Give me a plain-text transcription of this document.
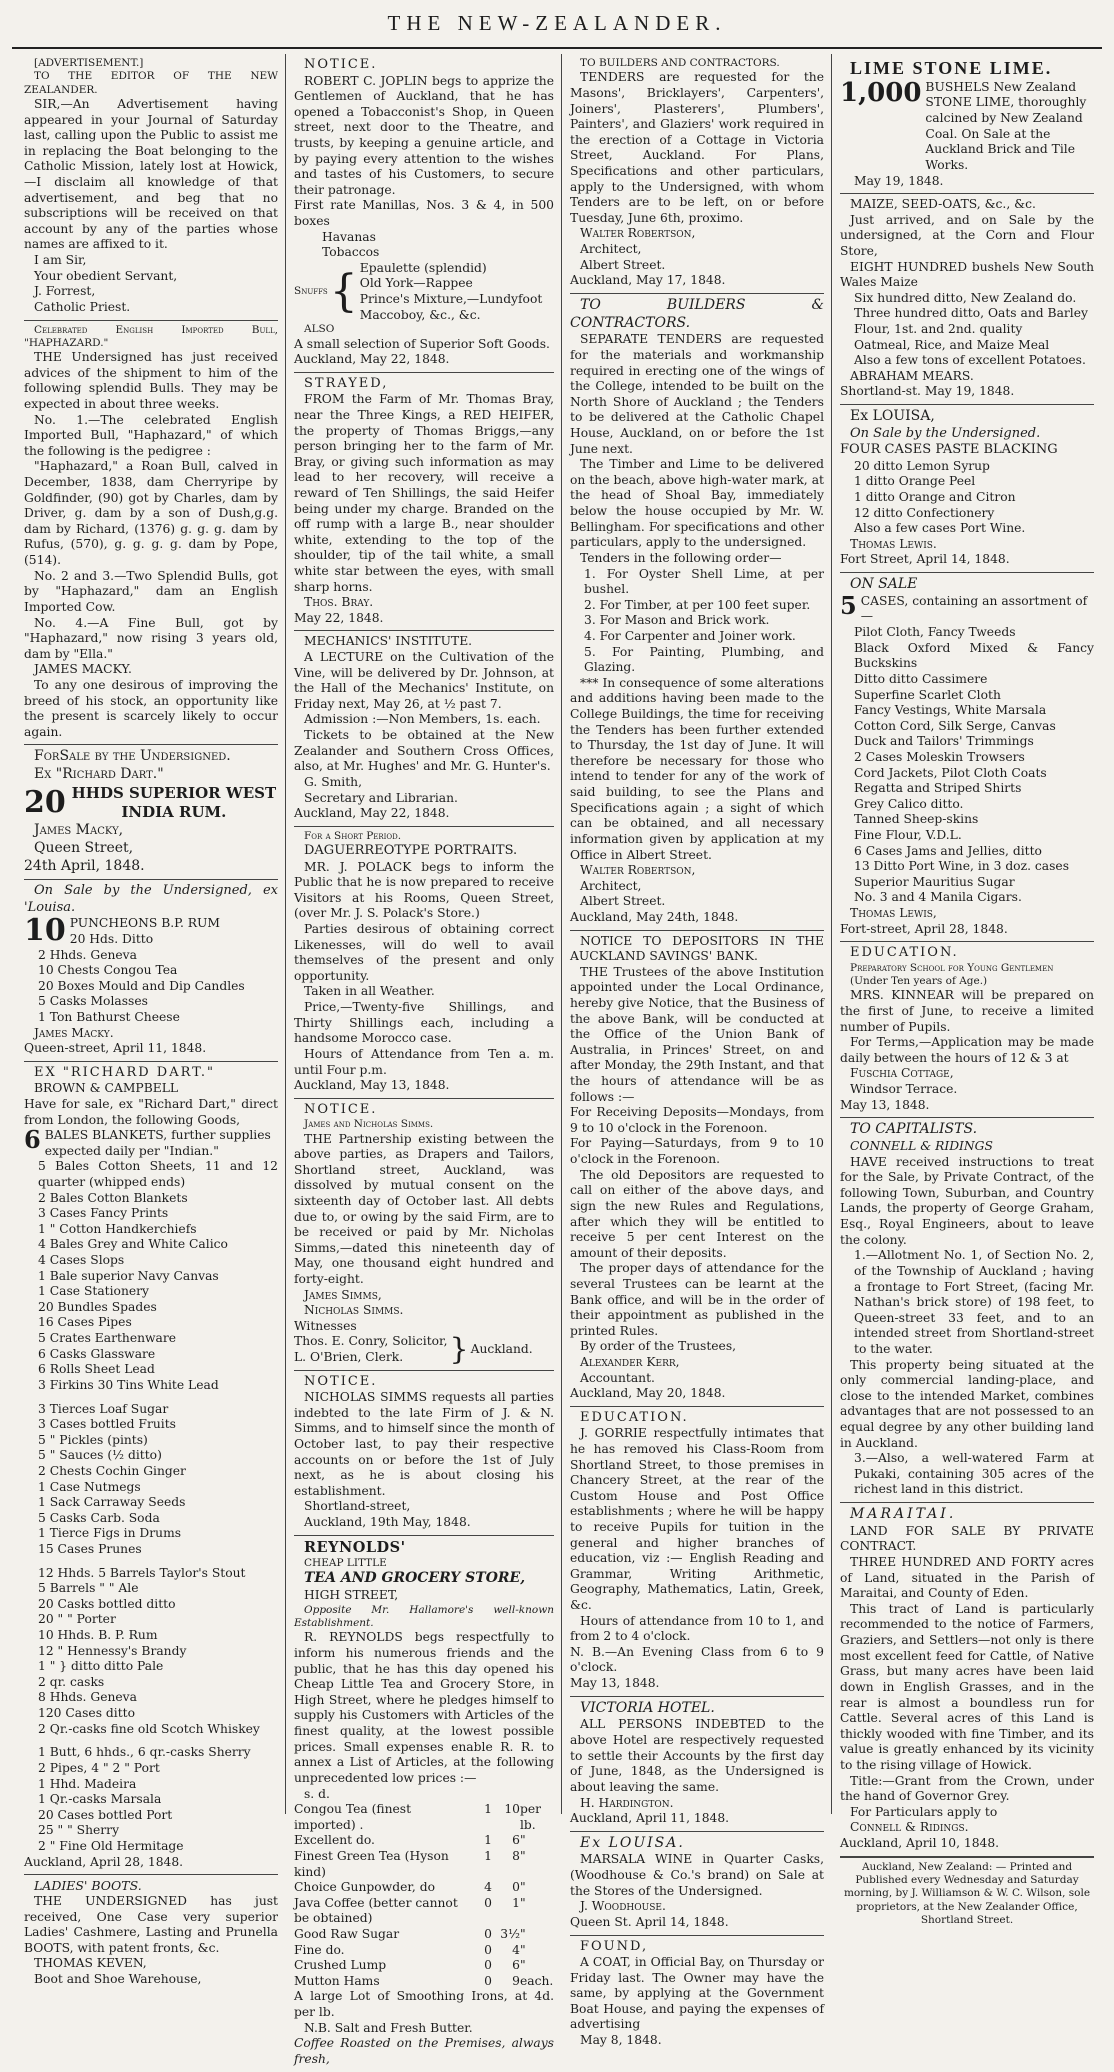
THE NEW-ZEALANDER.

[ADVERTISEMENT.]

TO THE EDITOR OF THE NEW ZEALANDER.

SIR,—An Advertisement having appeared in your Journal of Saturday last, calling upon the Public to assist me in replacing the Boat belonging to the Catholic Mission, lately lost at Howick,—I disclaim all knowledge of that advertisement, and beg that no subscriptions will be received on that account by any of the parties whose names are affixed to it.

I am Sir,

Your obedient Servant,

J. Forrest,

Catholic Priest.

Celebrated English Imported Bull, "HAPHAZARD."

THE Undersigned has just received advices of the shipment to him of the following splendid Bulls. They may be expected in about three weeks.

No. 1.—The celebrated English Imported Bull, "Haphazard," of which the following is the pedigree :

"Haphazard," a Roan Bull, calved in December, 1838, dam Cherryripe by Goldfinder, (90) got by Charles, dam by Driver, g. dam by a son of Dush,g.g. dam by Richard, (1376) g. g. g. dam by Rufus, (570), g. g. g. g. dam by Pope, (514).

No. 2 and 3.—Two Splendid Bulls, got by "Haphazard," dam an English Imported Cow.

No. 4.—A Fine Bull, got by "Haphazard," now rising 3 years old, dam by "Ella."

JAMES MACKY.

To any one desirous of improving the breed of his stock, an opportunity like the present is scarcely likely to occur again.

ForSale by the Undersigned.

Ex "Richard Dart."

20 HHDS SUPERIOR WEST INDIA RUM.

James Macky,

Queen Street,

24th April, 1848.

On Sale by the Undersigned, ex 'Louisa.

10 PUNCHEONS B.P. RUM
20 Hds. Ditto

2 Hhds. Geneva

10 Chests Congou Tea

20 Boxes Mould and Dip Candles

5 Casks Molasses

1 Ton Bathurst Cheese

James Macky.

Queen-street, April 11, 1848.

EX "RICHARD DART."

BROWN & CAMPBELL

Have for sale, ex "Richard Dart," direct from London, the following Goods,

6 BALES BLANKETS, further supplies expected daily per "Indian."

5 Bales Cotton Sheets, 11 and 12 quarter (whipped ends)

2 Bales Cotton Blankets

3 Cases Fancy Prints

1 " Cotton Handkerchiefs

4 Bales Grey and White Calico

4 Cases Slops

1 Bale superior Navy Canvas

1 Case Stationery

20 Bundles Spades

16 Cases Pipes

5 Crates Earthenware

6 Casks Glassware

6 Rolls Sheet Lead

3 Firkins 30 Tins White Lead

3 Tierces Loaf Sugar

3 Cases bottled Fruits

5 " Pickles (pints)

5 " Sauces (½ ditto)

2 Chests Cochin Ginger

1 Case Nutmegs

1 Sack Carraway Seeds

5 Casks Carb. Soda

1 Tierce Figs in Drums

15 Cases Prunes

12 Hhds. 5 Barrels Taylor's Stout

5 Barrels " " Ale

20 Casks bottled ditto

20 " " Porter

10 Hhds. B. P. Rum

12 " Hennessy's Brandy

1 " } ditto ditto Pale

2 qr. casks

8 Hhds. Geneva

120 Cases ditto

2 Qr.-casks fine old Scotch Whiskey

1 Butt, 6 hhds., 6 qr.-casks Sherry

2 Pipes, 4 " 2 " Port

1 Hhd. Madeira

1 Qr.-casks Marsala

20 Cases bottled Port

25 " " Sherry

2 " Fine Old Hermitage

Auckland, April 28, 1848.

LADIES' BOOTS.

THE UNDERSIGNED has just received, One Case very superior Ladies' Cashmere, Lasting and Prunella BOOTS, with patent fronts, &c.

THOMAS KEVEN,

Boot and Shoe Warehouse,

NOTICE.

ROBERT C. JOPLIN begs to apprize the Gentlemen of Auckland, that he has opened a Tobacconist's Shop, in Queen street, next door to the Theatre, and trusts, by keeping a genuine article, and by paying every attention to the wishes and tastes of his Customers, to secure their patronage.

First rate Manillas, Nos. 3 & 4, in 500 boxes

Havanas

Tobaccos

Snuffs { Epaulette (splendid)
Old York—Rappee
Prince's Mixture,—Lundyfoot
Maccoboy, &c., &c.

ALSO

A small selection of Superior Soft Goods.

Auckland, May 22, 1848.

STRAYED,

FROM the Farm of Mr. Thomas Bray, near the Three Kings, a RED HEIFER, the property of Thomas Briggs,—any person bringing her to the farm of Mr. Bray, or giving such information as may lead to her recovery, will receive a reward of Ten Shillings, the said Heifer being under my charge. Branded on the off rump with a large B., near shoulder white, extending to the top of the shoulder, tip of the tail white, a small white star between the eyes, with small sharp horns.

Thos. Bray.

May 22, 1848.

MECHANICS' INSTITUTE.

A LECTURE on the Cultivation of the Vine, will be delivered by Dr. Johnson, at the Hall of the Mechanics' Institute, on Friday next, May 26, at ½ past 7.

Admission :—Non Members, 1s. each.

Tickets to be obtained at the New Zealander and Southern Cross Offices, also, at Mr. Hughes' and Mr. G. Hunter's.

G. Smith,

Secretary and Librarian.

Auckland, May 22, 1848.

For a Short Period.

DAGUERREOTYPE PORTRAITS.

MR. J. POLACK begs to inform the Public that he is now prepared to receive Visitors at his Rooms, Queen Street, (over Mr. J. S. Polack's Store.)

Parties desirous of obtaining correct Likenesses, will do well to avail themselves of the present and only opportunity.

Taken in all Weather.

Price,—Twenty-five Shillings, and Thirty Shillings each, including a handsome Morocco case.

Hours of Attendance from Ten a. m. until Four p.m.

Auckland, May 13, 1848.

NOTICE.

James and Nicholas Simms.

THE Partnership existing between the above parties, as Drapers and Tailors, Shortland street, Auckland, was dissolved by mutual consent on the sixteenth day of October last. All debts due to, or owing by the said Firm, are to be received or paid by Mr. Nicholas Simms,—dated this nineteenth day of May, one thousand eight hundred and forty-eight.

James Simms,

Nicholas Simms.

Witnesses

Thos. E. Conry, Solicitor,
L. O'Brien, Clerk.	} Auckland.

NOTICE.

NICHOLAS SIMMS requests all parties indebted to the late Firm of J. & N. Simms, and to himself since the month of October last, to pay their respective accounts on or before the 1st of July next, as he is about closing his establishment.

Shortland-street,

Auckland, 19th May, 1848.

REYNOLDS'

CHEAP LITTLE

TEA AND GROCERY STORE,

HIGH STREET,

Opposite Mr. Hallamore's well-known Establishment.

R. REYNOLDS begs respectfully to inform his numerous friends and the public, that he has this day opened his Cheap Little Tea and Grocery Store, in High Street, where he pledges himself to supply his Customers with Articles of the finest quality, at the lowest possible prices. Small expenses enable R. R. to annex a List of Articles, at the following unprecedented low prices :—

s. d.

Congou Tea (finest imported) .	1	10	per lb.
Excellent do.	1	6	"
Finest Green Tea (Hyson kind)	1	8	"
Choice Gunpowder, do	4	0	"
Java Coffee (better cannot be obtained)	0	1	"
Good Raw Sugar	0	3½	"
Fine do.	0	4	"
Crushed Lump	0	6	"
Mutton Hams	0	9	each.

A large Lot of Smoothing Irons, at 4d. per lb.

N.B. Salt and Fresh Butter.

Coffee Roasted on the Premises, always fresh,

TO BUILDERS AND CONTRACTORS.

TENDERS are requested for the Masons', Bricklayers', Carpenters', Joiners', Plasterers', Plumbers', Painters', and Glaziers' work required in the erection of a Cottage in Victoria Street, Auckland. For Plans, Specifications and other particulars, apply to the Undersigned, with whom Tenders are to be left, on or before Tuesday, June 6th, proximo.

Walter Robertson,

Architect,

Albert Street.

Auckland, May 17, 1848.

TO BUILDERS & CONTRACTORS.

SEPARATE TENDERS are requested for the materials and workmanship required in erecting one of the wings of the College, intended to be built on the North Shore of Auckland ; the Tenders to be delivered at the Catholic Chapel House, Auckland, on or before the 1st June next.

The Timber and Lime to be delivered on the beach, above high-water mark, at the head of Shoal Bay, immediately below the house occupied by Mr. W. Bellingham. For specifications and other particulars, apply to the undersigned.

Tenders in the following order—

1. For Oyster Shell Lime, at per bushel.

2. For Timber, at per 100 feet super.

3. For Mason and Brick work.

4. For Carpenter and Joiner work.

5. For Painting, Plumbing, and Glazing.

*** In consequence of some alterations and additions having been made to the College Buildings, the time for receiving the Tenders has been further extended to Thursday, the 1st day of June. It will therefore be necessary for those who intend to tender for any of the work of said building, to see the Plans and Specifications again ; a sight of which can be obtained, and all necessary information given by application at my Office in Albert Street.

Walter Robertson,

Architect,

Albert Street.

Auckland, May 24th, 1848.

NOTICE TO DEPOSITORS IN THE AUCKLAND SAVINGS' BANK.

THE Trustees of the above Institution appointed under the Local Ordinance, hereby give Notice, that the Business of the above Bank, will be conducted at the Office of the Union Bank of Australia, in Princes' Street, on and after Monday, the 29th Instant, and that the hours of attendance will be as follows :—

For Receiving Deposits—Mondays, from 9 to 10 o'clock in the Forenoon.

For Paying—Saturdays, from 9 to 10 o'clock in the Forenoon.

The old Depositors are requested to call on either of the above days, and sign the new Rules and Regulations, after which they will be entitled to receive 5 per cent Interest on the amount of their deposits.

The proper days of attendance for the several Trustees can be learnt at the Bank office, and will be in the order of their appointment as published in the printed Rules.

By order of the Trustees,

Alexander Kerr,

Accountant.

Auckland, May 20, 1848.

EDUCATION.

J. GORRIE respectfully intimates that he has removed his Class-Room from Shortland Street, to those premises in Chancery Street, at the rear of the Custom House and Post Office establishments ; where he will be happy to receive Pupils for tuition in the general and higher branches of education, viz :— English Reading and Grammar, Writing Arithmetic, Geography, Mathematics, Latin, Greek, &c.

Hours of attendance from 10 to 1, and from 2 to 4 o'clock.

N. B.—An Evening Class from 6 to 9 o'clock.

May 13, 1848.

VICTORIA HOTEL.

ALL PERSONS INDEBTED to the above Hotel are respectively requested to settle their Accounts by the first day of June, 1848, as the Undersigned is about leaving the same.

H. Hardington.

Auckland, April 11, 1848.

Ex LOUISA.

MARSALA WINE in Quarter Casks, (Woodhouse & Co.'s brand) on Sale at the Stores of the Undersigned.

J. Woodhouse.

Queen St. April 14, 1848.

FOUND,

A COAT, in Official Bay, on Thursday or Friday last. The Owner may have the same, by applying at the Government Boat House, and paying the expenses of advertising

May 8, 1848.

LIME STONE LIME.

1,000 BUSHELS New Zealand STONE LIME, thoroughly calcined by New Zealand Coal. On Sale at the Auckland Brick and Tile Works.

May 19, 1848.

MAIZE, SEED-OATS, &c., &c.

Just arrived, and on Sale by the undersigned, at the Corn and Flour Store,

EIGHT HUNDRED bushels New South Wales Maize

Six hundred ditto, New Zealand do.

Three hundred ditto, Oats and Barley

Flour, 1st. and 2nd. quality

Oatmeal, Rice, and Maize Meal

Also a few tons of excellent Potatoes.

ABRAHAM MEARS.

Shortland-st. May 19, 1848.

Ex LOUISA,

On Sale by the Undersigned.

FOUR CASES PASTE BLACKING

20 ditto Lemon Syrup

1 ditto Orange Peel

1 ditto Orange and Citron

12 ditto Confectionery

Also a few cases Port Wine.

Thomas Lewis.

Fort Street, April 14, 1848.

ON SALE

5 CASES, containing an assortment of—

Pilot Cloth, Fancy Tweeds

Black Oxford Mixed & Fancy Buckskins

Ditto ditto Cassimere

Superfine Scarlet Cloth

Fancy Vestings, White Marsala

Cotton Cord, Silk Serge, Canvas

Duck and Tailors' Trimmings

2 Cases Moleskin Trowsers

Cord Jackets, Pilot Cloth Coats

Regatta and Striped Shirts

Grey Calico ditto.

Tanned Sheep-skins

Fine Flour, V.D.L.

6 Cases Jams and Jellies, ditto

13 Ditto Port Wine, in 3 doz. cases

Superior Mauritius Sugar

No. 3 and 4 Manila Cigars.

Thomas Lewis,

Fort-street, April 28, 1848.

EDUCATION.

Preparatory School for Young Gentlemen

(Under Ten years of Age.)

MRS. KINNEAR will be prepared on the first of June, to receive a limited number of Pupils.

For Terms,—Application may be made daily between the hours of 12 & 3 at

Fuschia Cottage,

Windsor Terrace.

May 13, 1848.

TO CAPITALISTS.

CONNELL & RIDINGS

HAVE received instructions to treat for the Sale, by Private Contract, of the following Town, Suburban, and Country Lands, the property of George Graham, Esq., Royal Engineers, about to leave the colony.

1.—Allotment No. 1, of Section No. 2, of the Township of Auckland ; having a frontage to Fort Street, (facing Mr. Nathan's brick store) of 198 feet, to Queen-street 33 feet, and to an intended street from Shortland-street to the water.

This property being situated at the only commercial landing-place, and close to the intended Market, combines advantages that are not possessed to an equal degree by any other building land in Auckland.

3.—Also, a well-watered Farm at Pukaki, containing 305 acres of the richest land in this district.

MARAITAI.

LAND FOR SALE BY PRIVATE CONTRACT.

THREE HUNDRED AND FORTY acres of Land, situated in the Parish of Maraitai, and County of Eden.

This tract of Land is particularly recommended to the notice of Farmers, Graziers, and Settlers—not only is there most excellent feed for Cattle, of Native Grass, but many acres have been laid down in English Grasses, and in the rear is almost a boundless run for Cattle. Several acres of this Land is thickly wooded with fine Timber, and its value is greatly enhanced by its vicinity to the rising village of Howick.

Title:—Grant from the Crown, under the hand of Governor Grey.

For Particulars apply to

Connell & Ridings.

Auckland, April 10, 1848.

Auckland, New Zealand: — Printed and Published every Wednesday and Saturday morning, by J. Williamson & W. C. Wilson, sole proprietors, at the New Zealander Office, Shortland Street.
